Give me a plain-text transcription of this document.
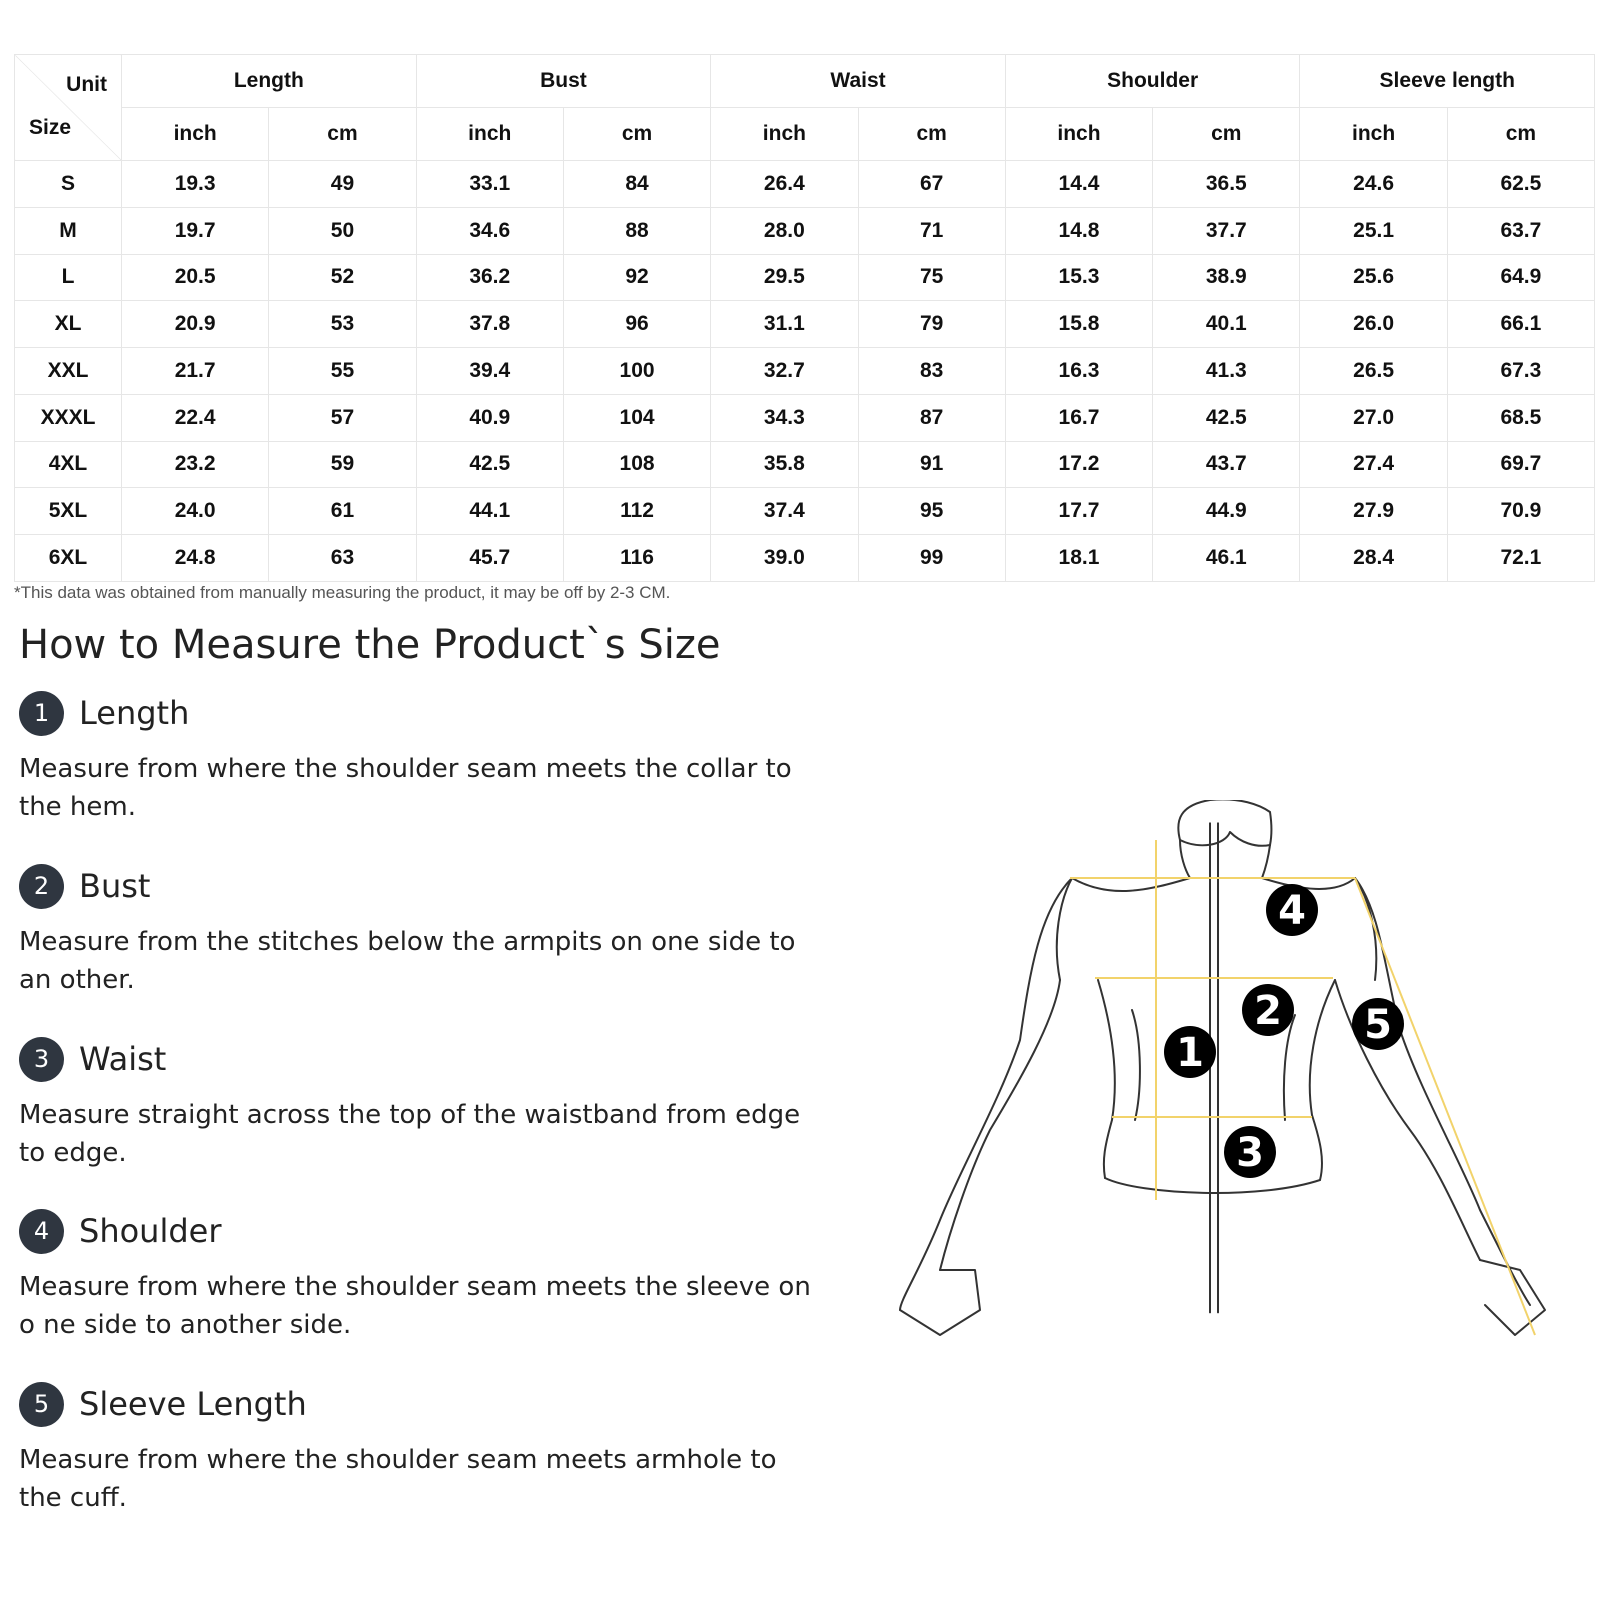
Unit
Size	Length		Bust		Waist		Shoulder		Sleeve length	
	inch	cm	inch	cm	inch	cm	inch	cm	inch	cm
S	19.3	49	33.1	84	26.4	67	14.4	36.5	24.6	62.5
M	19.7	50	34.6	88	28.0	71	14.8	37.7	25.1	63.7
L	20.5	52	36.2	92	29.5	75	15.3	38.9	25.6	64.9
XL	20.9	53	37.8	96	31.1	79	15.8	40.1	26.0	66.1
XXL	21.7	55	39.4	100	32.7	83	16.3	41.3	26.5	67.3
XXXL	22.4	57	40.9	104	34.3	87	16.7	42.5	27.0	68.5
4XL	23.2	59	42.5	108	35.8	91	17.2	43.7	27.4	69.7
5XL	24.0	61	44.1	112	37.4	95	17.7	44.9	27.9	70.9
6XL	24.8	63	45.7	116	39.0	99	18.1	46.1	28.4	72.1
*This data was obtained from manually measuring the product, it may be off by 2-3 CM.
How to Measure the Product`s Size
1 Length
Measure from where the shoulder seam meets the collar to the hem.
2 Bust
Measure from the stitches below the armpits on one side to an other.
3 Waist
Measure straight across the top of the waistband from edge to edge.
4 Shoulder
Measure from where the shoulder seam meets the sleeve on o ne side to another side.
5 Sleeve Length
Measure from where the shoulder seam meets armhole to the cuff.
1
2
3
4
5
